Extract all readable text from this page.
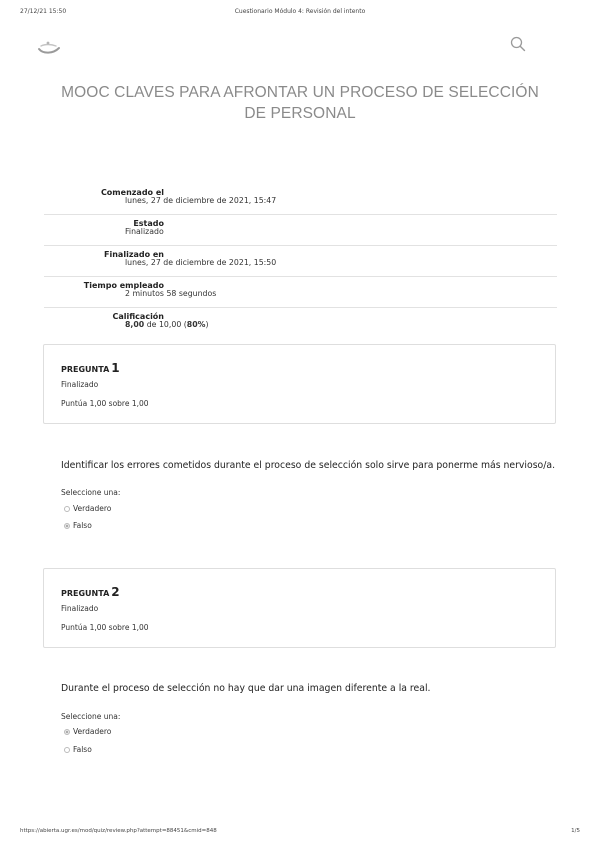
27/12/21 15:50	Cuestionario Módulo 4: Revisión del intento
MOOC CLAVES PARA AFRONTAR UN PROCESO DE SELECCIÓN DE PERSONAL
Comenzado el
lunes, 27 de diciembre de 2021, 15:47
Estado
Finalizado
Finalizado en
lunes, 27 de diciembre de 2021, 15:50
Tiempo empleado
2 minutos 58 segundos
Calificación
8,00 de 10,00 (80%)
PREGUNTA 1
Finalizado
Puntúa 1,00 sobre 1,00
Identificar los errores cometidos durante el proceso de selección solo sirve para ponerme más nervioso/a.
Seleccione una:
Verdadero
Falso
PREGUNTA 2
Finalizado
Puntúa 1,00 sobre 1,00
Durante el proceso de selección no hay que dar una imagen diferente a la real.
Seleccione una:
Verdadero
Falso
https://abierta.ugr.es/mod/quiz/review.php?attempt=88451&cmid=848	1/5
